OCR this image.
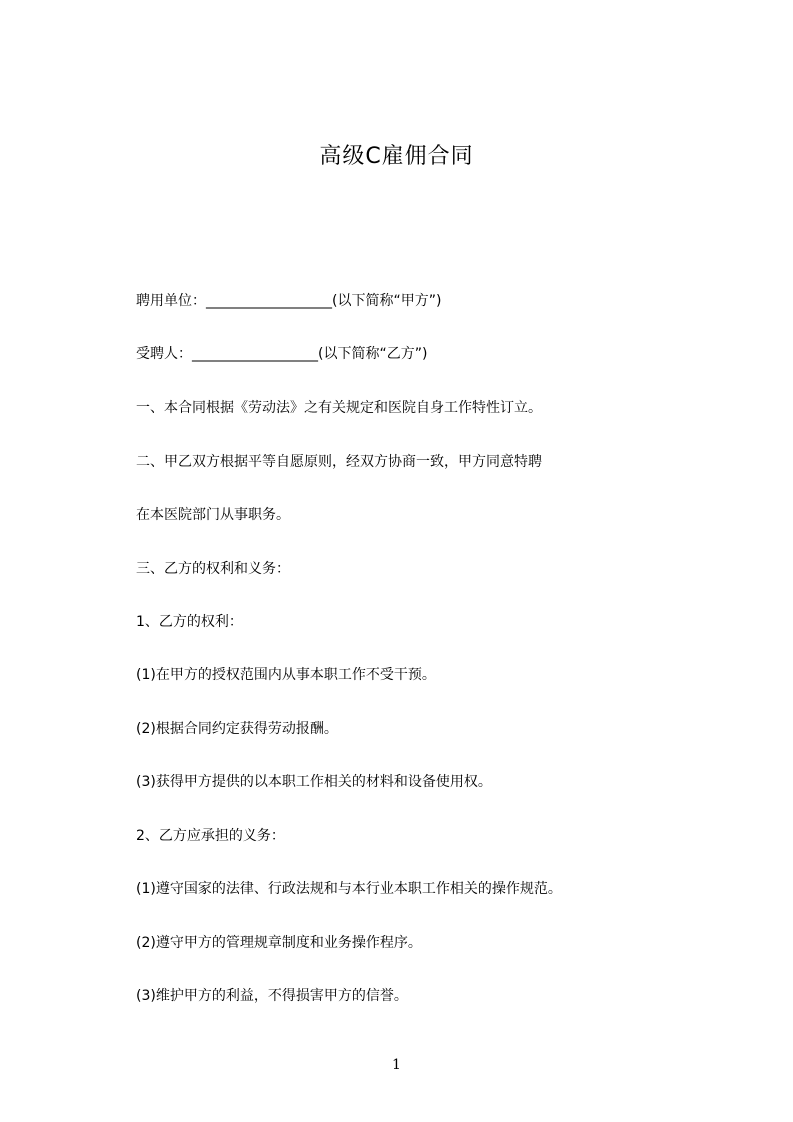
高级C雇佣合同

聘用单位：__________________(以下简称“甲方”)

受聘人：__________________(以下简称“乙方”)

一、本合同根据《劳动法》之有关规定和医院自身工作特性订立。

二、甲乙双方根据平等自愿原则，经双方协商一致，甲方同意特聘

在本医院部门从事职务。

三、乙方的权利和义务：

1、乙方的权利：

(1)在甲方的授权范围内从事本职工作不受干预。

(2)根据合同约定获得劳动报酬。

(3)获得甲方提供的以本职工作相关的材料和设备使用权。

2、乙方应承担的义务：

(1)遵守国家的法律、行政法规和与本行业本职工作相关的操作规范。

(2)遵守甲方的管理规章制度和业务操作程序。

(3)维护甲方的利益，不得损害甲方的信誉。

1
